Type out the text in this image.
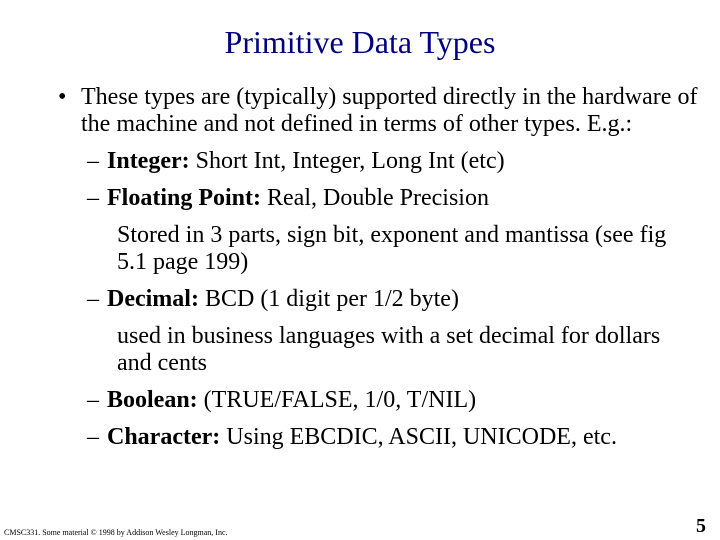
Primitive Data Types
• These types are (typically) supported directly in the hardware of the machine and not defined in terms of other types. E.g.:
– Integer: Short Int, Integer, Long Int (etc)
– Floating Point: Real, Double Precision
Stored in 3 parts, sign bit, exponent and mantissa (see fig 5.1 page 199)
– Decimal: BCD (1 digit per 1/2 byte)
used in business languages with a set decimal for dollars and cents
– Boolean: (TRUE/FALSE, 1/0, T/NIL)
– Character: Using EBCDIC, ASCII, UNICODE, etc.
CMSC331. Some material © 1998 by Addison Wesley Longman, Inc.	5
